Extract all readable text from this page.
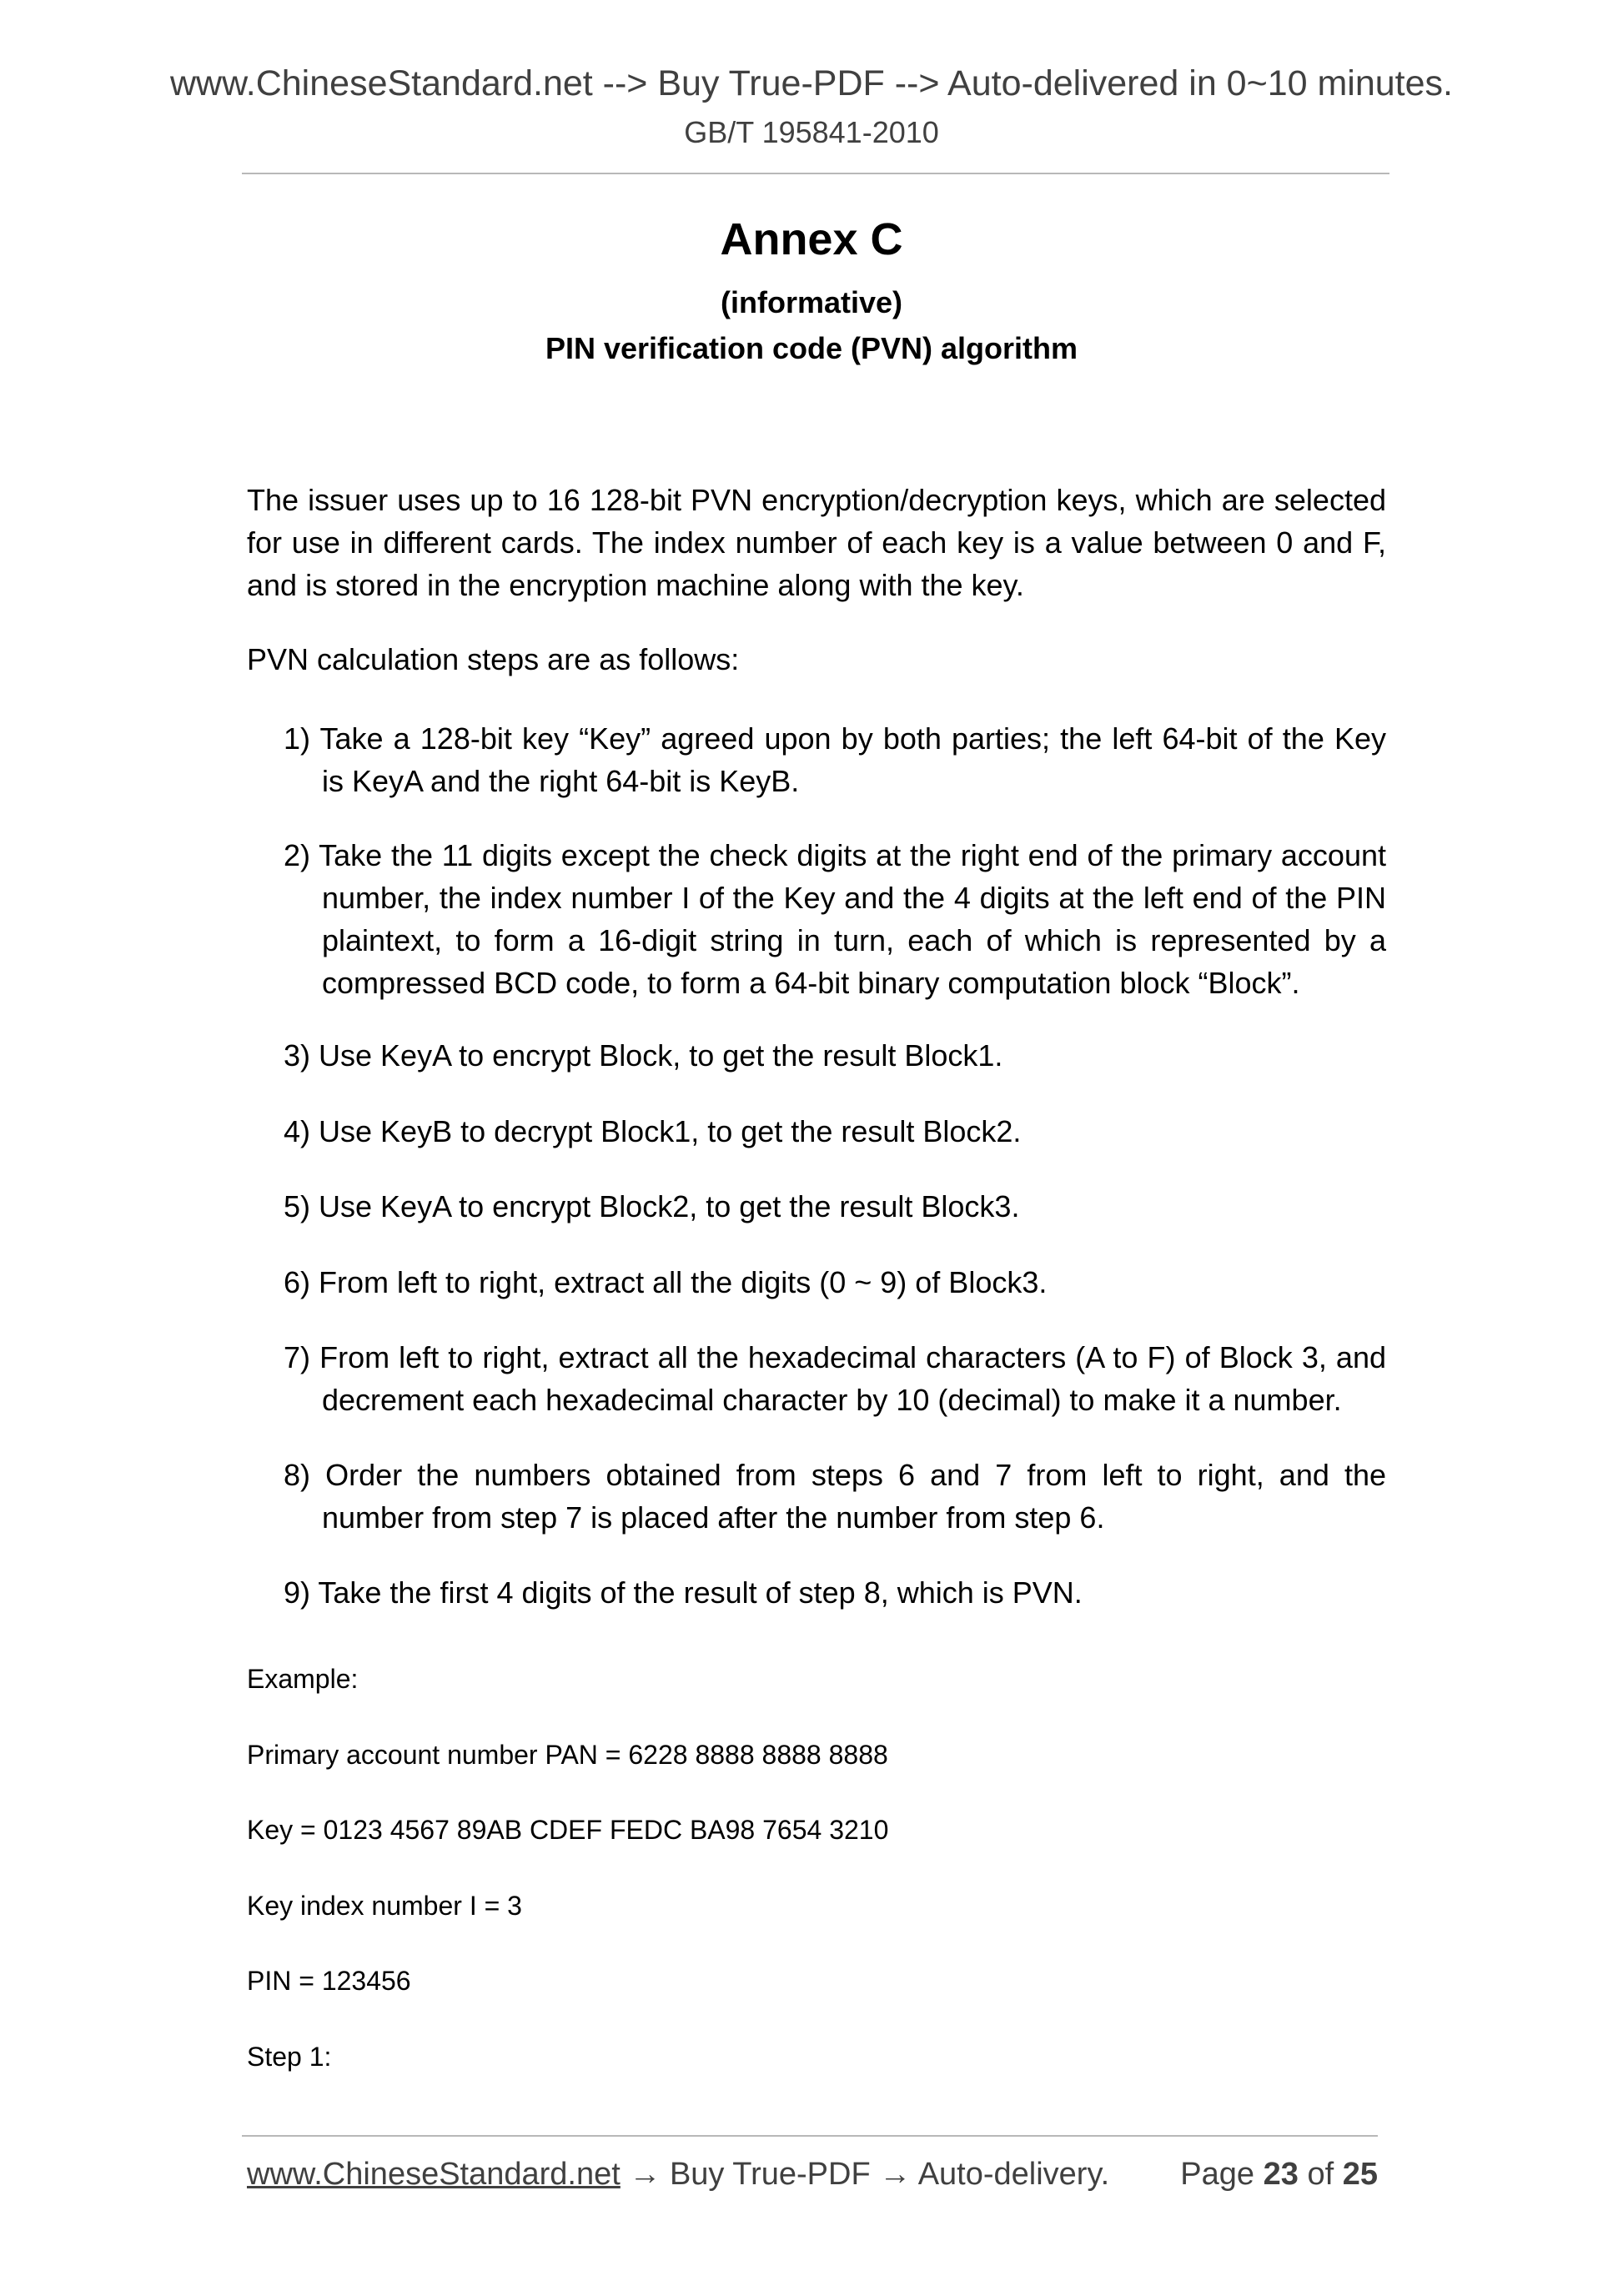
www.ChineseStandard.net --> Buy True-PDF --> Auto-delivered in 0~10 minutes.
GB/T 195841-2010
Annex C
(informative)
PIN verification code (PVN) algorithm

The issuer uses up to 16 128-bit PVN encryption/decryption keys, which are selected for use in different cards. The index number of each key is a value between 0 and F, and is stored in the encryption machine along with the key.

PVN calculation steps are as follows:

1) Take a 128-bit key “Key” agreed upon by both parties; the left 64-bit of the Key is KeyA and the right 64-bit is KeyB.

2) Take the 11 digits except the check digits at the right end of the primary account number, the index number I of the Key and the 4 digits at the left end of the PIN plaintext, to form a 16-digit string in turn, each of which is represented by a compressed BCD code, to form a 64-bit binary computation block “Block”.

3) Use KeyA to encrypt Block, to get the result Block1.

4) Use KeyB to decrypt Block1, to get the result Block2.

5) Use KeyA to encrypt Block2, to get the result Block3.

6) From left to right, extract all the digits (0 ~ 9) of Block3.

7) From left to right, extract all the hexadecimal characters (A to F) of Block 3, and decrement each hexadecimal character by 10 (decimal) to make it a number.

8) Order the numbers obtained from steps 6 and 7 from left to right, and the number from step 7 is placed after the number from step 6.

9) Take the first 4 digits of the result of step 8, which is PVN.

Example:

Primary account number PAN = 6228 8888 8888 8888

Key = 0123 4567 89AB CDEF FEDC BA98 7654 3210

Key index number I = 3

PIN = 123456

Step 1:

www.ChineseStandard.net → Buy True-PDF → Auto-delivery. Page 23 of 25
